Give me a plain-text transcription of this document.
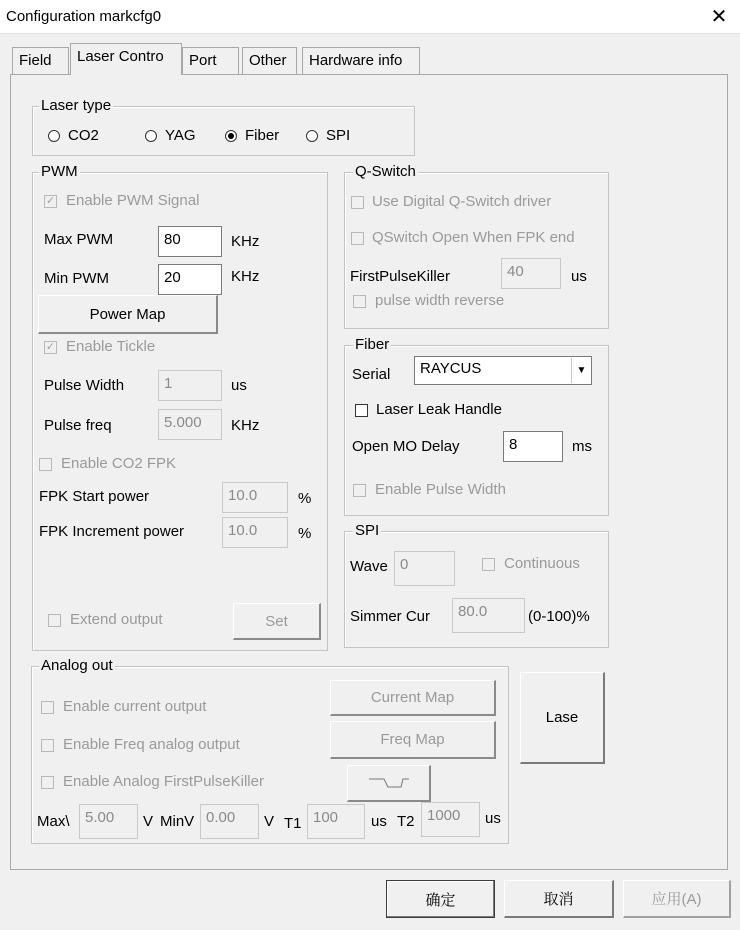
Configuration markcfg0	✕
Field	Laser Contro	Port	Other	Hardware info
Laser type
CO2	YAG	Fiber	SPI
PWM
✓ Enable PWM Signal
Max PWM	80	KHz
Min PWM	20	KHz
Power Map
✓ Enable Tickle
Pulse Width	1	us
Pulse freq	5.000	KHz
Enable CO2 FPK
FPK Start power	10.0	%
FPK Increment power	10.0	%
Extend output	Set
Q-Switch
Use Digital Q-Switch driver
QSwitch Open When FPK end
FirstPulseKiller	40	us
pulse width reverse
Fiber
Serial	RAYCUS	▼
Laser Leak Handle
Open MO Delay	8	ms
Enable Pulse Width
SPI
Wave 0	Continuous
Simmer Cur	80.0	(0-100)%
Analog out
Enable current output
Current Map
Enable Freq analog output	Freq Map
Enable Analog FirstPulseKiller
Max\	5.00	V MinV 0.00	V T1 100	us T2 1000	us
Lase
确定	取消	应用(A)
